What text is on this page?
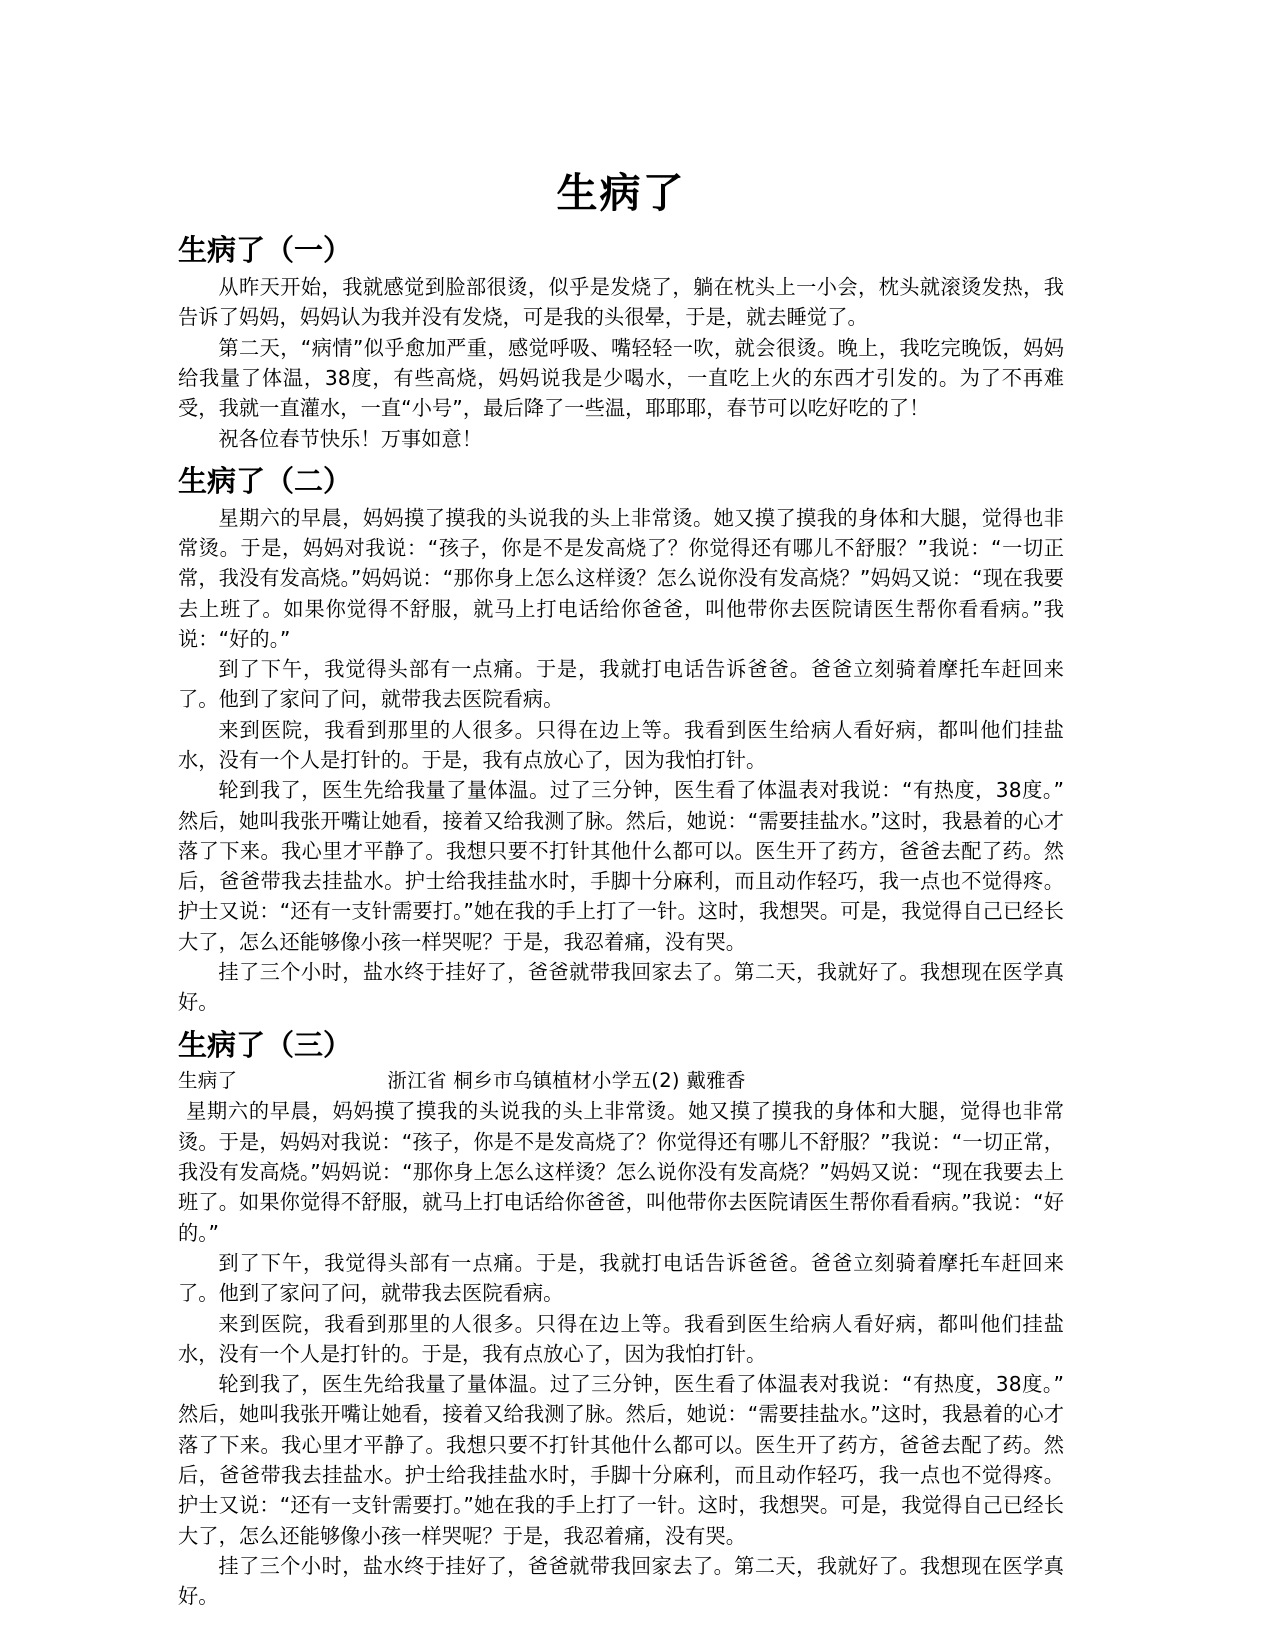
生病了
生病了（一）

从昨天开始，我就感觉到脸部很烫，似乎是发烧了，躺在枕头上一小会，枕头就滚烫发热，我告诉了妈妈，妈妈认为我并没有发烧，可是我的头很晕，于是，就去睡觉了。

第二天，“病情”似乎愈加严重，感觉呼吸、嘴轻轻一吹，就会很烫。晚上，我吃完晚饭，妈妈给我量了体温，38度，有些高烧，妈妈说我是少喝水，一直吃上火的东西才引发的。为了不再难受，我就一直灌水，一直“小号”，最后降了一些温，耶耶耶，春节可以吃好吃的了！

祝各位春节快乐！万事如意！

生病了（二）

星期六的早晨，妈妈摸了摸我的头说我的头上非常烫。她又摸了摸我的身体和大腿，觉得也非常烫。于是，妈妈对我说：“孩子，你是不是发高烧了？你觉得还有哪儿不舒服？”我说：“一切正常，我没有发高烧。”妈妈说：“那你身上怎么这样烫？怎么说你没有发高烧？”妈妈又说：“现在我要去上班了。如果你觉得不舒服，就马上打电话给你爸爸，叫他带你去医院请医生帮你看看病。”我说：“好的。”

到了下午，我觉得头部有一点痛。于是，我就打电话告诉爸爸。爸爸立刻骑着摩托车赶回来了。他到了家问了问，就带我去医院看病。

来到医院，我看到那里的人很多。只得在边上等。我看到医生给病人看好病，都叫他们挂盐水，没有一个人是打针的。于是，我有点放心了，因为我怕打针。

轮到我了，医生先给我量了量体温。过了三分钟，医生看了体温表对我说：“有热度，38度。”然后，她叫我张开嘴让她看，接着又给我测了脉。然后，她说：“需要挂盐水。”这时，我悬着的心才落了下来。我心里才平静了。我想只要不打针其他什么都可以。医生开了药方，爸爸去配了药。然后，爸爸带我去挂盐水。护士给我挂盐水时，手脚十分麻利，而且动作轻巧，我一点也不觉得疼。护士又说：“还有一支针需要打。”她在我的手上打了一针。这时，我想哭。可是，我觉得自己已经长大了，怎么还能够像小孩一样哭呢？于是，我忍着痛，没有哭。

挂了三个小时，盐水终于挂好了，爸爸就带我回家去了。第二天，我就好了。我想现在医学真好。

生病了（三）

生病了	浙江省 桐乡市乌镇植材小学五(2) 戴雅香

星期六的早晨，妈妈摸了摸我的头说我的头上非常烫。她又摸了摸我的身体和大腿，觉得也非常烫。于是，妈妈对我说：“孩子，你是不是发高烧了？你觉得还有哪儿不舒服？”我说：“一切正常，我没有发高烧。”妈妈说：“那你身上怎么这样烫？怎么说你没有发高烧？”妈妈又说：“现在我要去上班了。如果你觉得不舒服，就马上打电话给你爸爸，叫他带你去医院请医生帮你看看病。”我说：“好的。”

到了下午，我觉得头部有一点痛。于是，我就打电话告诉爸爸。爸爸立刻骑着摩托车赶回来了。他到了家问了问，就带我去医院看病。

来到医院，我看到那里的人很多。只得在边上等。我看到医生给病人看好病，都叫他们挂盐水，没有一个人是打针的。于是，我有点放心了，因为我怕打针。

轮到我了，医生先给我量了量体温。过了三分钟，医生看了体温表对我说：“有热度，38度。”然后，她叫我张开嘴让她看，接着又给我测了脉。然后，她说：“需要挂盐水。”这时，我悬着的心才落了下来。我心里才平静了。我想只要不打针其他什么都可以。医生开了药方，爸爸去配了药。然后，爸爸带我去挂盐水。护士给我挂盐水时，手脚十分麻利，而且动作轻巧，我一点也不觉得疼。护士又说：“还有一支针需要打。”她在我的手上打了一针。这时，我想哭。可是，我觉得自己已经长大了，怎么还能够像小孩一样哭呢？于是，我忍着痛，没有哭。

挂了三个小时，盐水终于挂好了，爸爸就带我回家去了。第二天，我就好了。我想现在医学真好。
